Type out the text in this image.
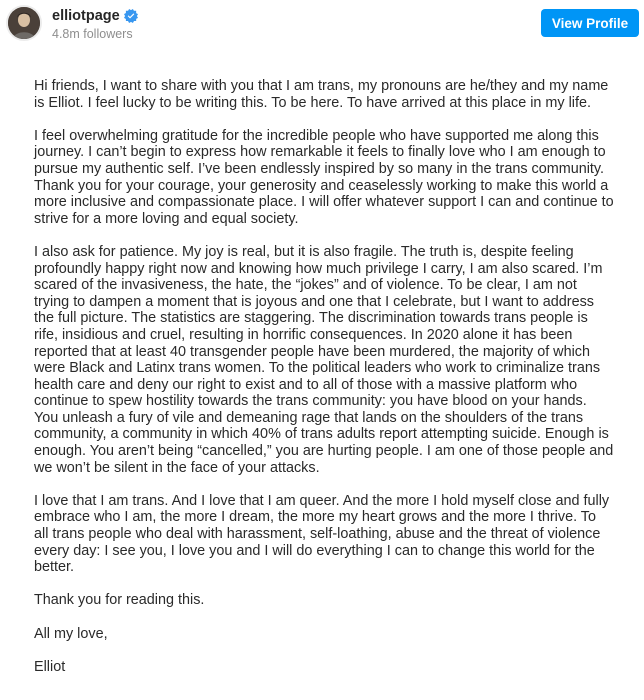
elliotpage
4.8m followers
View Profile

Hi friends, I want to share with you that I am trans, my pronouns are he/they and my name is Elliot. I feel lucky to be writing this. To be here. To have arrived at this place in my life.

I feel overwhelming gratitude for the incredible people who have supported me along this journey. I can’t begin to express how remarkable it feels to finally love who I am enough to pursue my authentic self. I’ve been endlessly inspired by so many in the trans community. Thank you for your courage, your generosity and ceaselessly working to make this world a more inclusive and compassionate place. I will offer whatever support I can and continue to strive for a more loving and equal society.

I also ask for patience. My joy is real, but it is also fragile. The truth is, despite feeling profoundly happy right now and knowing how much privilege I carry, I am also scared. I’m scared of the invasiveness, the hate, the “jokes” and of violence. To be clear, I am not trying to dampen a moment that is joyous and one that I celebrate, but I want to address the full picture. The statistics are staggering. The discrimination towards trans people is rife, insidious and cruel, resulting in horrific consequences. In 2020 alone it has been reported that at least 40 transgender people have been murdered, the majority of which were Black and Latinx trans women. To the political leaders who work to criminalize trans health care and deny our right to exist and to all of those with a massive platform who continue to spew hostility towards the trans community: you have blood on your hands. You unleash a fury of vile and demeaning rage that lands on the shoulders of the trans community, a community in which 40% of trans adults report attempting suicide. Enough is enough. You aren’t being “cancelled,” you are hurting people. I am one of those people and we won’t be silent in the face of your attacks.

I love that I am trans. And I love that I am queer. And the more I hold myself close and fully embrace who I am, the more I dream, the more my heart grows and the more I thrive. To all trans people who deal with harassment, self-loathing, abuse and the threat of violence every day: I see you, I love you and I will do everything I can to change this world for the better.

Thank you for reading this.

All my love,

Elliot
